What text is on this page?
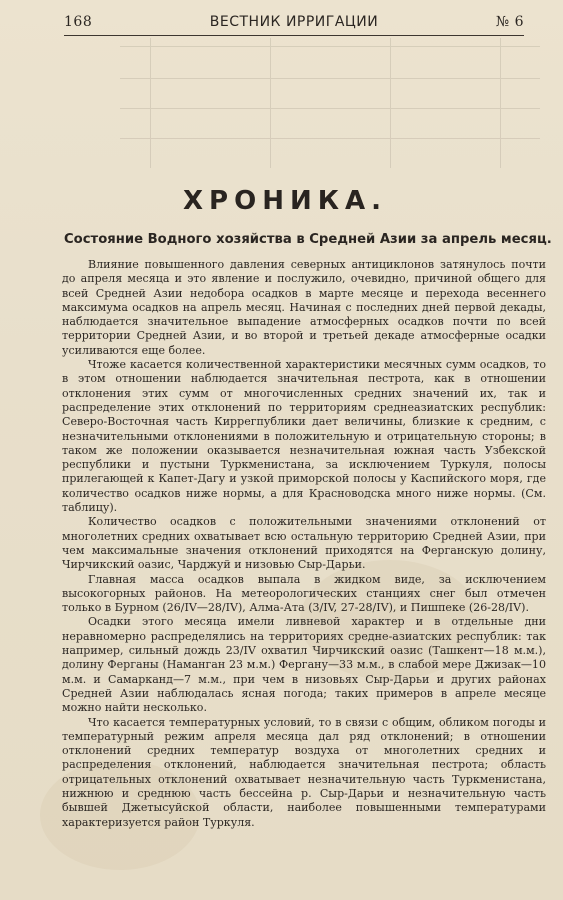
168	ВЕСТНИК ИРРИГАЦИИ	№ 6
ХРОНИКА.
Состояние Водного хозяйства в Средней Азии за апрель месяц.

Влияние повышенного давления северных антициклонов затянулось почти до апреля месяца и это явление и послужило, очевидно, причиной общего для всей Средней Азии недобора осадков в марте месяце и перехода весеннего максимума осадков на апрель месяц. Начиная с последних дней первой декады, наблюдается значительное выпадение атмосферных осадков почти по всей территории Средней Азии, и во второй и третьей декаде атмосферные осадки усиливаются еще более.

Чтоже касается количественной характеристики месячных сумм осадков, то в этом отношении наблюдается значительная пестрота, как в отношении отклонения этих сумм от многочисленных средних значений их, так и распределение этих отклонений по территориям среднеазиатских республик: Северо-Восточная часть Киррегпублики дает величины, близкие к средним, с незначительными отклонениями в положительную и отрицательную стороны; в таком же положении оказывается незначительная южная часть Узбекской республики и пустыни Туркменистана, за исключением Туркуля, полосы прилегающей к Капет-Дагу и узкой приморской полосы у Каспийского моря, где количество осадков ниже нормы, а для Красноводска много ниже нормы. (См. таблицу).

Количество осадков с положительными значениями отклонений от многолетних средних охватывает всю остальную территорию Средней Азии, при чем максимальные значения отклонений приходятся на Ферганскую долину, Чирчикский оазис, Чарджуй и низовью Сыр-Дарьи.

Главная масса осадков выпала в жидком виде, за исключением высокогорных районов. На метеорологических станциях снег был отмечен только в Бурном (26/IV—28/IV), Алма-Ата (3/IV, 27-28/IV), и Пишпеке (26-28/IV).

Осадки этого месяца имели ливневой характер и в отдельные дни неравномерно распределялись на территориях средне-азиатских республик: так например, сильный дождь 23/IV охватил Чирчикский оазис (Ташкент—18 м.м.), долину Ферганы (Наманган 23 м.м.) Фергану—33 м.м., в слабой мере Джизак—10 м.м. и Самарканд—7 м.м., при чем в низовьях Сыр-Дарьи и других районах Средней Азии наблюдалась ясная погода; таких примеров в апреле месяце можно найти несколько.

Что касается температурных условий, то в связи с общим, обликом погоды и температурный режим апреля месяца дал ряд отклонений; в отношении отклонений средних температур воздуха от многолетних средних и распределения отклонений, наблюдается значительная пестрота; область отрицательных отклонений охватывает незначительную часть Туркменистана, нижнюю и среднюю часть бессейна р. Сыр-Дарьи и незначительную часть бывшей Джетысуйской области, наиболее повышенными температурами характеризуется район Туркуля.
